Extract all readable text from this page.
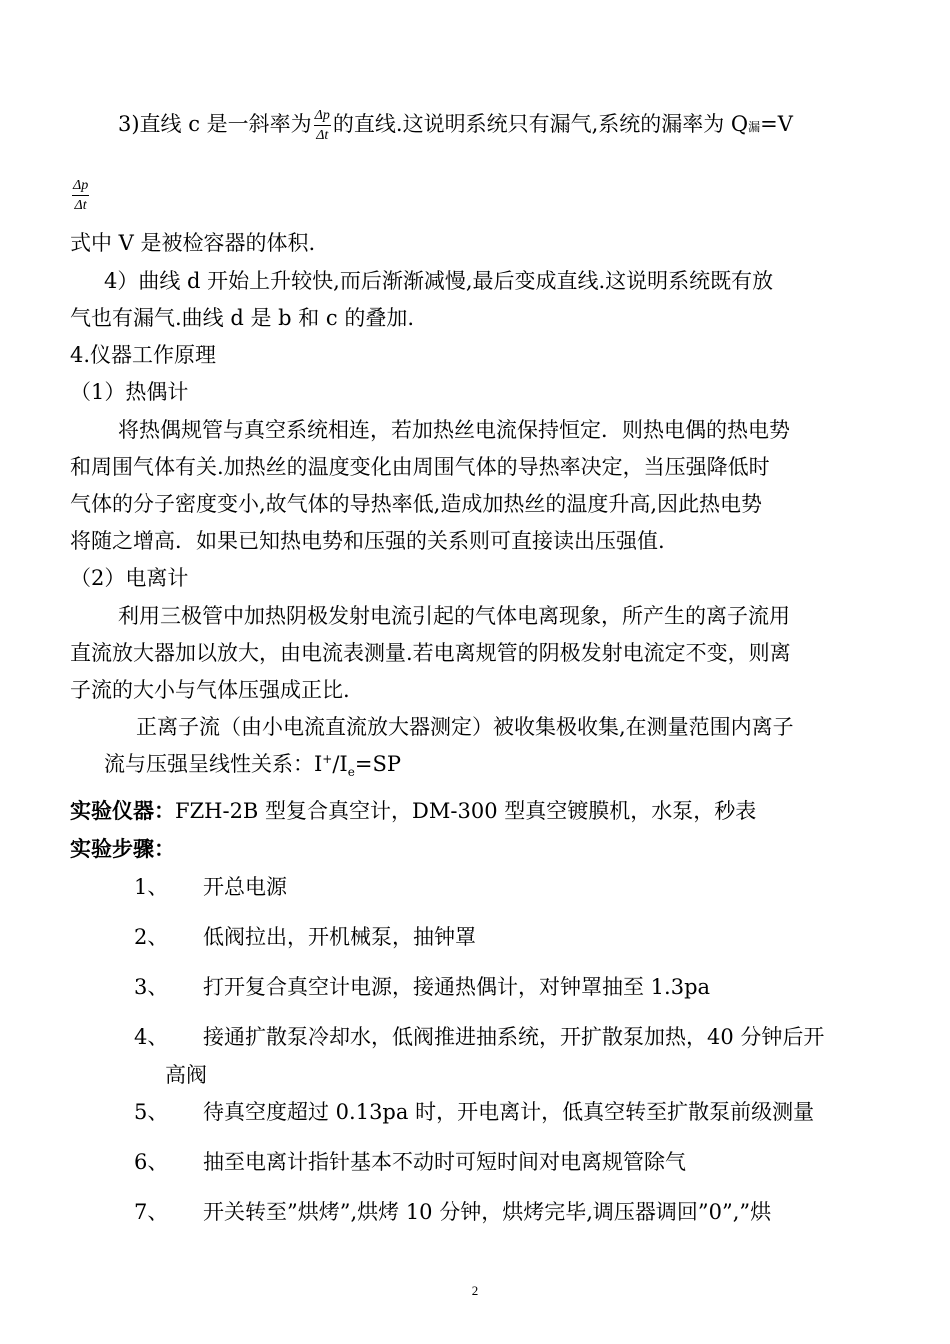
3)直线 c 是一斜率为 $\frac{\Delta p}{\Delta t}$ 的直线.这说明系统只有漏气,系统的漏率为 Q漏=V
$\frac{\Delta p}{\Delta t}$
式中 V 是被检容器的体积.
4）曲线 d 开始上升较快,而后渐渐减慢,最后变成直线.这说明系统既有放
气也有漏气.曲线 d 是 b 和 c 的叠加.
4.仪器工作原理
（1）热偶计
将热偶规管与真空系统相连，若加热丝电流保持恒定．则热电偶的热电势
和周围气体有关.加热丝的温度变化由周围气体的导热率决定，当压强降低时
气体的分子密度变小,故气体的导热率低,造成加热丝的温度升高,因此热电势
将随之增高．如果已知热电势和压强的关系则可直接读出压强值.
（2）电离计
利用三极管中加热阴极发射电流引起的气体电离现象，所产生的离子流用
直流放大器加以放大，由电流表测量.若电离规管的阴极发射电流定不变，则离
子流的大小与气体压强成正比.
正离子流（由小电流直流放大器测定）被收集极收集,在测量范围内离子
流与压强呈线性关系：$I^+/I_e=SP$
实验仪器：FZH-2B 型复合真空计，DM-300 型真空镀膜机，水泵，秒表
实验步骤：
1、 开总电源
2、 低阀拉出，开机械泵，抽钟罩
3、 打开复合真空计电源，接通热偶计，对钟罩抽至 1.3pa
4、 接通扩散泵冷却水，低阀推进抽系统，开扩散泵加热，40 分钟后开
高阀
5、 待真空度超过 0.13pa 时，开电离计，低真空转至扩散泵前级测量
6、 抽至电离计指针基本不动时可短时间对电离规管除气
7、 开关转至”烘烤”,烘烤 10 分钟，烘烤完毕,调压器调回”0”,”烘
2
